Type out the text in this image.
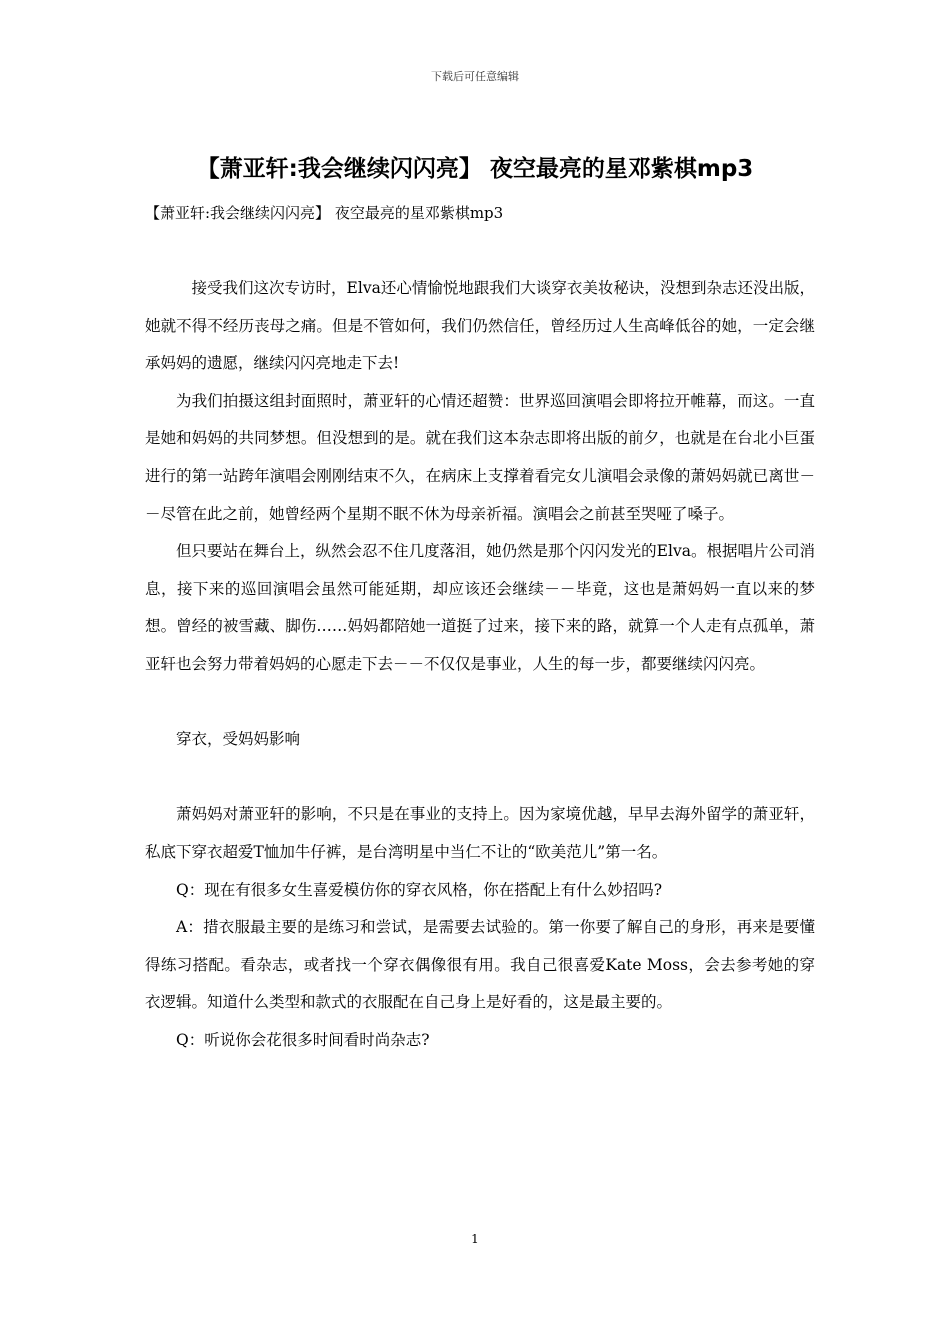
下载后可任意编辑
【萧亚轩:我会继续闪闪亮】 夜空最亮的星邓紫棋mp3
【萧亚轩:我会继续闪闪亮】 夜空最亮的星邓紫棋mp3

接受我们这次专访时，Elva还心情愉悦地跟我们大谈穿衣美妆秘诀，没想到杂志还没出版，她就不得不经历丧母之痛。但是不管如何，我们仍然信任，曾经历过人生高峰低谷的她，一定会继承妈妈的遗愿，继续闪闪亮地走下去!

为我们拍摄这组封面照时，萧亚轩的心情还超赞：世界巡回演唱会即将拉开帷幕，而这。一直是她和妈妈的共同梦想。但没想到的是。就在我们这本杂志即将出版的前夕，也就是在台北小巨蛋进行的第一站跨年演唱会刚刚结束不久，在病床上支撑着看完女儿演唱会录像的萧妈妈就已离世－－尽管在此之前，她曾经两个星期不眠不休为母亲祈福。演唱会之前甚至哭哑了嗓子。

但只要站在舞台上，纵然会忍不住几度落泪，她仍然是那个闪闪发光的Elva。根据唱片公司消息，接下来的巡回演唱会虽然可能延期，却应该还会继续－－毕竟，这也是萧妈妈一直以来的梦想。曾经的被雪藏、脚伤……妈妈都陪她一道挺了过来，接下来的路，就算一个人走有点孤单，萧亚轩也会努力带着妈妈的心愿走下去－－不仅仅是事业，人生的每一步，都要继续闪闪亮。

穿衣，受妈妈影响

萧妈妈对萧亚轩的影响，不只是在事业的支持上。因为家境优越，早早去海外留学的萧亚轩，私底下穿衣超爱T恤加牛仔裤，是台湾明星中当仁不让的“欧美范儿”第一名。

Q：现在有很多女生喜爱模仿你的穿衣风格，你在搭配上有什么妙招吗?

A：措衣服最主要的是练习和尝试，是需要去试验的。第一你要了解自己的身形，再来是要懂得练习搭配。看杂志，或者找一个穿衣偶像很有用。我自己很喜爱Kate Moss，会去参考她的穿衣逻辑。知道什么类型和款式的衣服配在自己身上是好看的，这是最主要的。

Q：听说你会花很多时间看时尚杂志?

1
